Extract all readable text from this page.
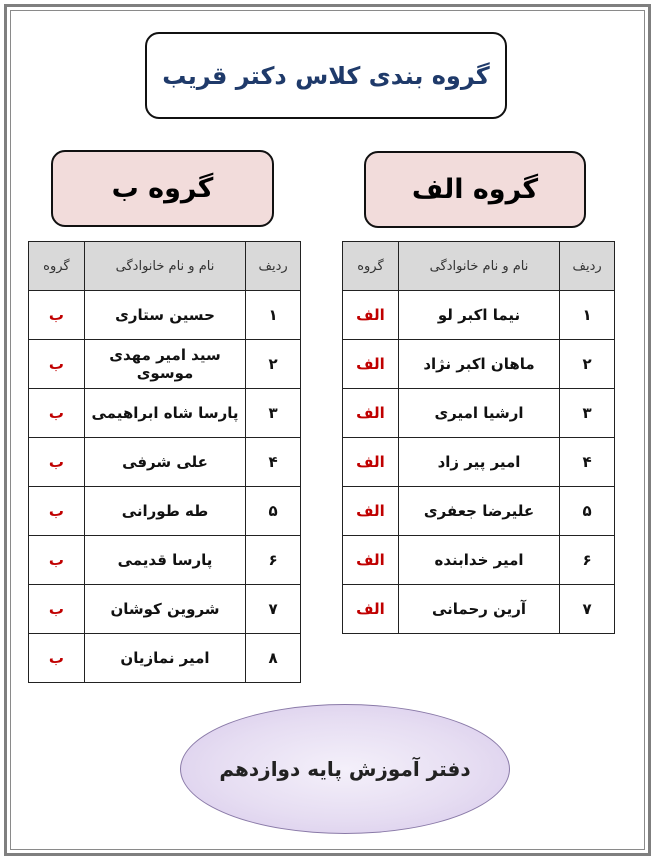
گروه بندی کلاس دکتر قریب
گروه ب	گروه الف
ردیف	نام و نام خانوادگی	گروه
۱	حسین ستاری	ب
۲	سید امیر مهدی موسوی	ب
۳	پارسا شاه ابراهیمی	ب
۴	علی شرفی	ب
۵	طه طورانی	ب
۶	پارسا قدیمی	ب
۷	شروین کوشان	ب
۸	امیر نمازیان	ب
ردیف	نام و نام خانوادگی	گروه
۱	نیما اکبر لو	الف
۲	ماهان اکبر نژاد	الف
۳	ارشیا امیری	الف
۴	امیر پیر زاد	الف
۵	علیرضا جعفری	الف
۶	امیر خدابنده	الف
۷	آرین رحمانی	الف
دفتر آموزش پایه دوازدهم
